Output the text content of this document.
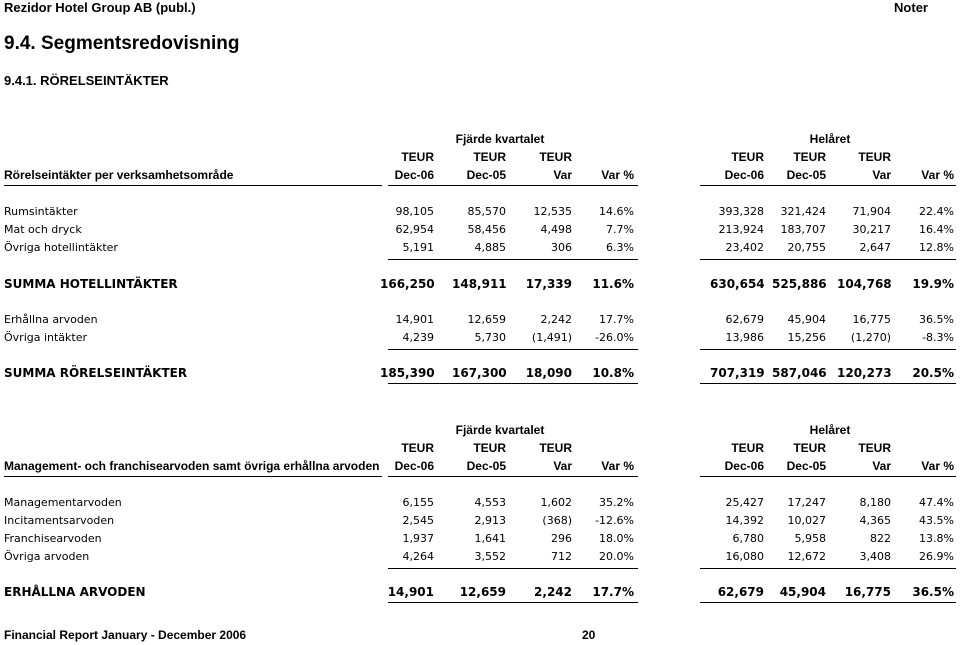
Rezidor Hotel Group AB (publ.)	Noter
9.4. Segmentsredovisning
9.4.1. RÖRELSEINTÄKTER
Fjärde kvartalet	Helåret
TEUR	TEUR	TEUR	TEUR	TEUR	TEUR
Rörelseintäkter per verksamhetsområde	Dec-06	Dec-05	Var	Var %	Dec-06	Dec-05	Var	Var %
Rumsintäkter	98,105	85,570	12,535	14.6%	393,328	321,424	71,904	22.4%
Mat och dryck	62,954	58,456	4,498	7.7%	213,924	183,707	30,217	16.4%
Övriga hotellintäkter	5,191	4,885	306	6.3%	23,402	20,755	2,647	12.8%
SUMMA HOTELLINTÄKTER	166,250 148,911	17,339	11.6%	630,654 525,886 104,768	19.9%
Erhållna arvoden	14,901	12,659	2,242	17.7%	62,679	45,904	16,775	36.5%
Övriga intäkter	4,239	5,730	(1,491)	-26.0%	13,986	15,256	(1,270)	-8.3%
SUMMA RÖRELSEINTÄKTER	185,390 167,300	18,090	10.8%	707,319 587,046 120,273	20.5%
Fjärde kvartalet	Helåret
TEUR	TEUR	TEUR	TEUR	TEUR	TEUR
Management- och franchisearvoden samt övriga erhållna arvoden	Dec-06	Dec-05	Var	Var %	Dec-06	Dec-05	Var	Var %
Managementarvoden	6,155	4,553	1,602	35.2%	25,427	17,247	8,180	47.4%
Incitamentsarvoden	2,545	2,913	(368)	-12.6%	14,392	10,027	4,365	43.5%
Franchisearvoden	1,937	1,641	296	18.0%	6,780	5,958	822	13.8%
Övriga arvoden	4,264	3,552	712	20.0%	16,080	12,672	3,408	26.9%
ERHÅLLNA ARVODEN	14,901	12,659	2,242	17.7%	62,679	45,904	16,775	36.5%
Financial Report January - December 2006	20
